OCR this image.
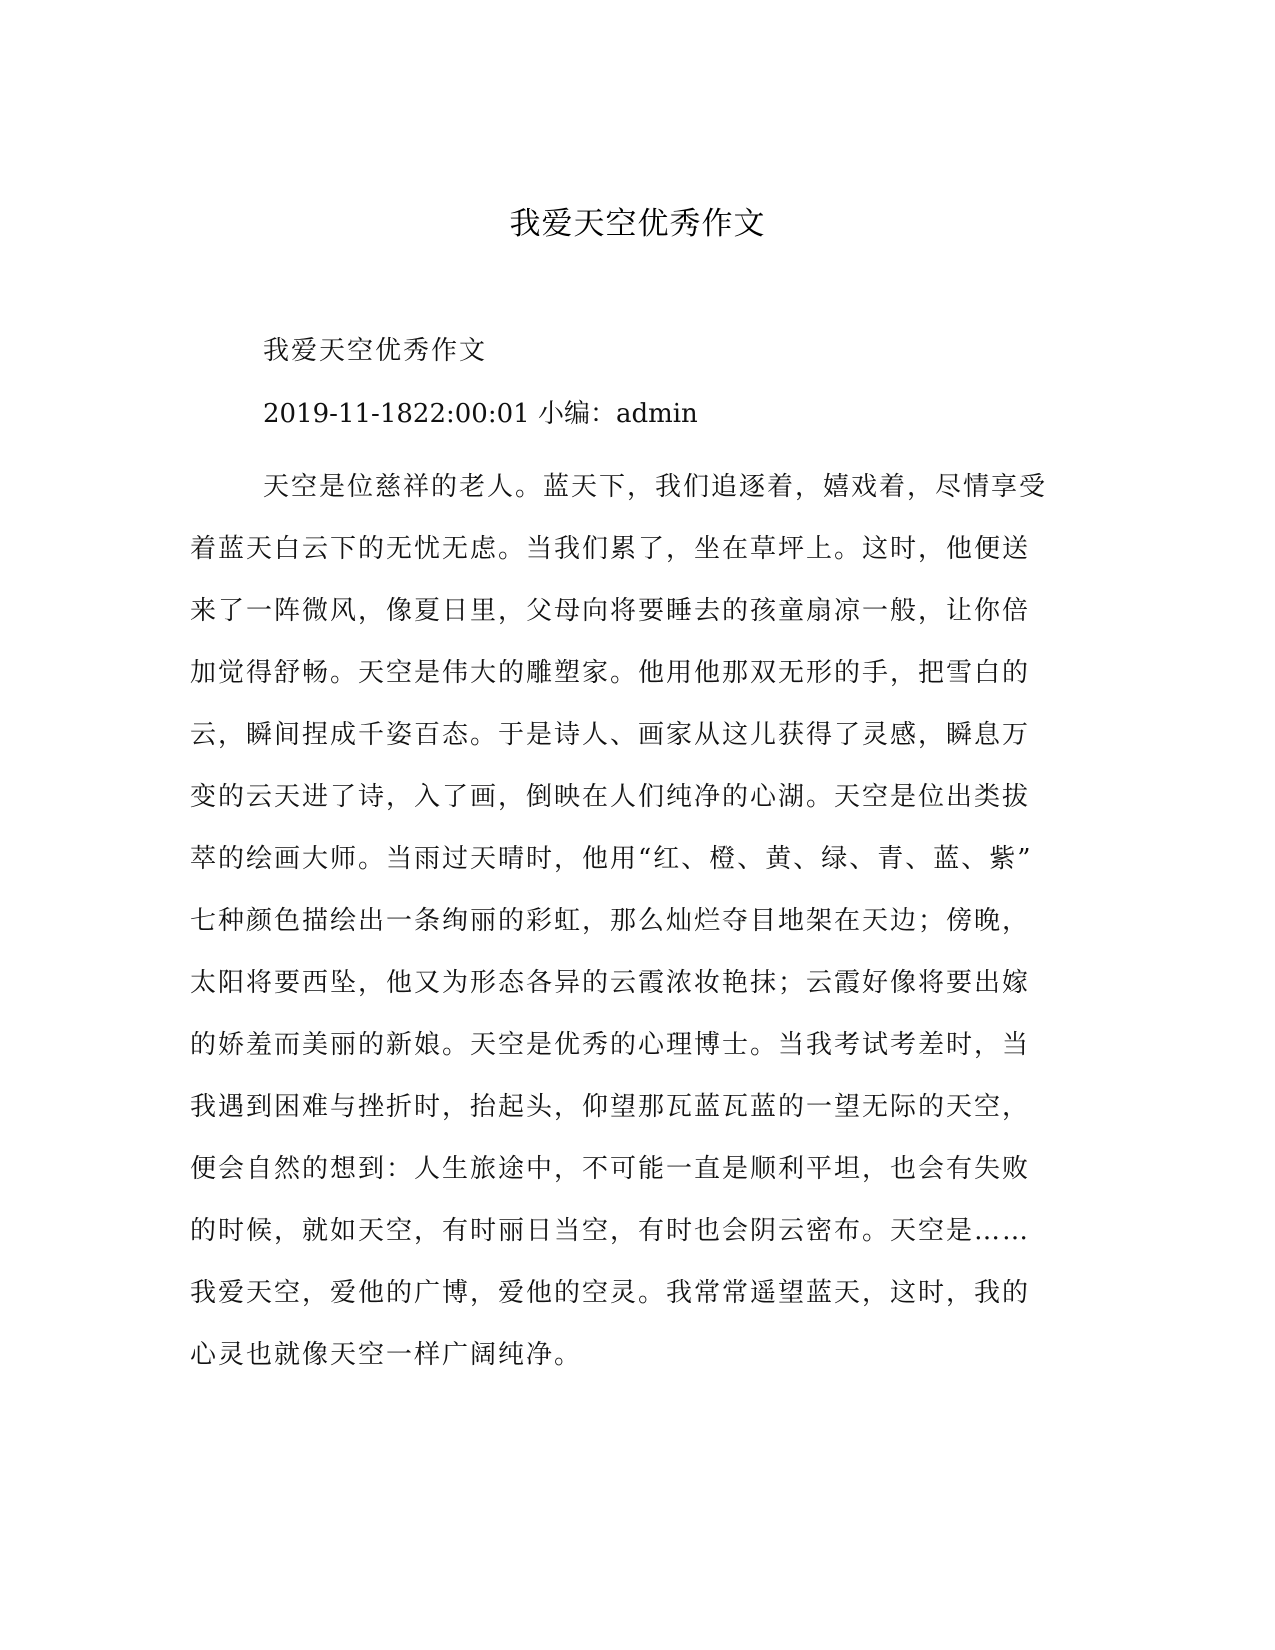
我爱天空优秀作文
我爱天空优秀作文
2019-11-1822:00:01 小编：admin
天空是位慈祥的老人。蓝天下，我们追逐着，嬉戏着，尽情享受
着蓝天白云下的无忧无虑。当我们累了，坐在草坪上。这时，他便送
来了一阵微风，像夏日里，父母向将要睡去的孩童扇凉一般，让你倍
加觉得舒畅。天空是伟大的雕塑家。他用他那双无形的手，把雪白的
云，瞬间捏成千姿百态。于是诗人、画家从这儿获得了灵感，瞬息万
变的云天进了诗，入了画，倒映在人们纯净的心湖。天空是位出类拔
萃的绘画大师。当雨过天晴时，他用“红、橙、黄、绿、青、蓝、紫”
七种颜色描绘出一条绚丽的彩虹，那么灿烂夺目地架在天边；傍晚，
太阳将要西坠，他又为形态各异的云霞浓妆艳抹；云霞好像将要出嫁
的娇羞而美丽的新娘。天空是优秀的心理博士。当我考试考差时，当
我遇到困难与挫折时，抬起头，仰望那瓦蓝瓦蓝的一望无际的天空，
便会自然的想到：人生旅途中，不可能一直是顺利平坦，也会有失败
的时候，就如天空，有时丽日当空，有时也会阴云密布。天空是……
我爱天空，爱他的广博，爱他的空灵。我常常遥望蓝天，这时，我的
心灵也就像天空一样广阔纯净。
